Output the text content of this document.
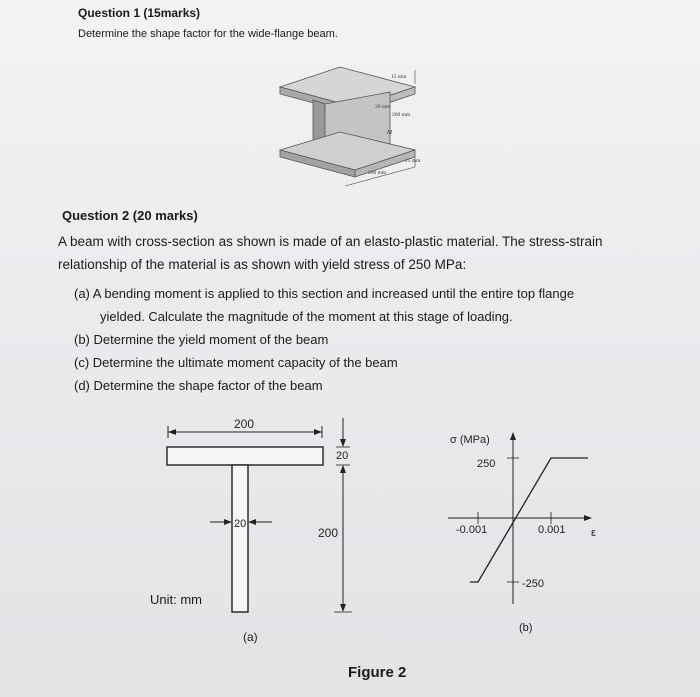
Question 1 (15marks)
Determine the shape factor for the wide-flange beam.
15 mm
20 mm
200 mm
M
15 mm
200 mm
Question 2 (20 marks)
A beam with cross-section as shown is made of an elasto-plastic material. The stress-strain
relationship of the material is as shown with yield stress of 250 MPa:
(a) A bending moment is applied to this section and increased until the entire top flange
yielded. Calculate the magnitude of the moment at this stage of loading.
(b) Determine the yield moment of the beam
(c) Determine the ultimate moment capacity of the beam
(d) Determine the shape factor of the beam
200
20
200
20
σ (MPa)
250
-0.001	0.001 ε
-250
Unit: mm
(a)
(b)
Figure 2
